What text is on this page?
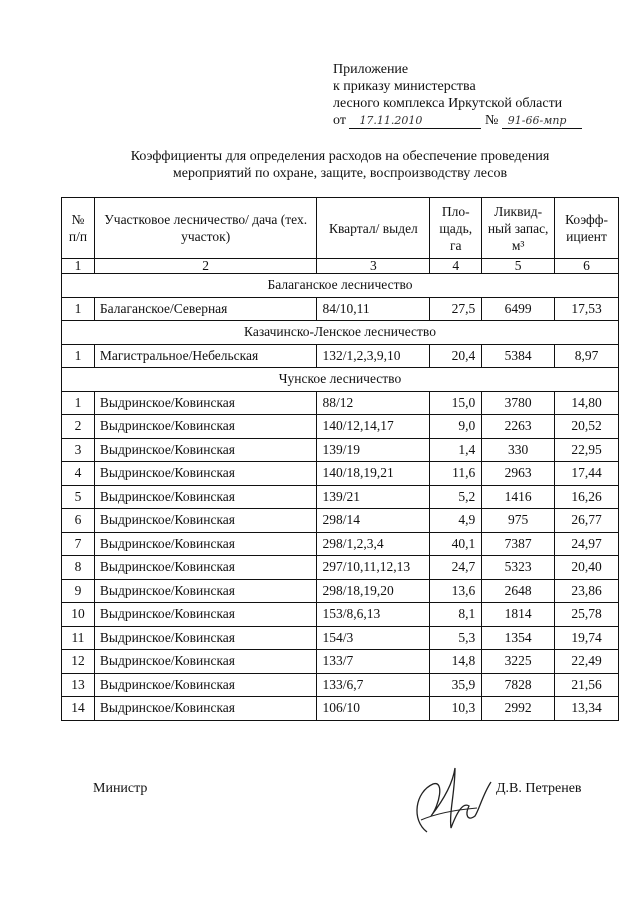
Приложение
к приказу министерства
лесного комплекса Иркутской области
от 17.11.2010	№ 91-66-мпр
Коэффициенты для определения расходов на обеспечение проведения
мероприятий по охране, защите, воспроизводству лесов
№ п/п	Участковое лесничество/ дача (тех. участок)	Квартал/ выдел	Пло-щадь, га	Ликвид-ный запас, м³	Коэфф-ициент
1	2	3	4	5	6
Балаганское лесничество					
1	Балаганское/Северная	84/10,11	27,5	6499	17,53
Казачинско-Ленское лесничество					
1	Магистральное/Небельская	132/1,2,3,9,10	20,4	5384	8,97
Чунское лесничество					
1	Выдринское/Ковинская	88/12	15,0	3780	14,80
2	Выдринское/Ковинская	140/12,14,17	9,0	2263	20,52
3	Выдринское/Ковинская	139/19	1,4	330	22,95
4	Выдринское/Ковинская	140/18,19,21	11,6	2963	17,44
5	Выдринское/Ковинская	139/21	5,2	1416	16,26
6	Выдринское/Ковинская	298/14	4,9	975	26,77
7	Выдринское/Ковинская	298/1,2,3,4	40,1	7387	24,97
8	Выдринское/Ковинская	297/10,11,12,13	24,7	5323	20,40
9	Выдринское/Ковинская	298/18,19,20	13,6	2648	23,86
10	Выдринское/Ковинская	153/8,6,13	8,1	1814	25,78
11	Выдринское/Ковинская	154/3	5,3	1354	19,74
12	Выдринское/Ковинская	133/7	14,8	3225	22,49
13	Выдринское/Ковинская	133/6,7	35,9	7828	21,56
14	Выдринское/Ковинская	106/10	10,3	2992	13,34
Министр	Д.В. Петренев
